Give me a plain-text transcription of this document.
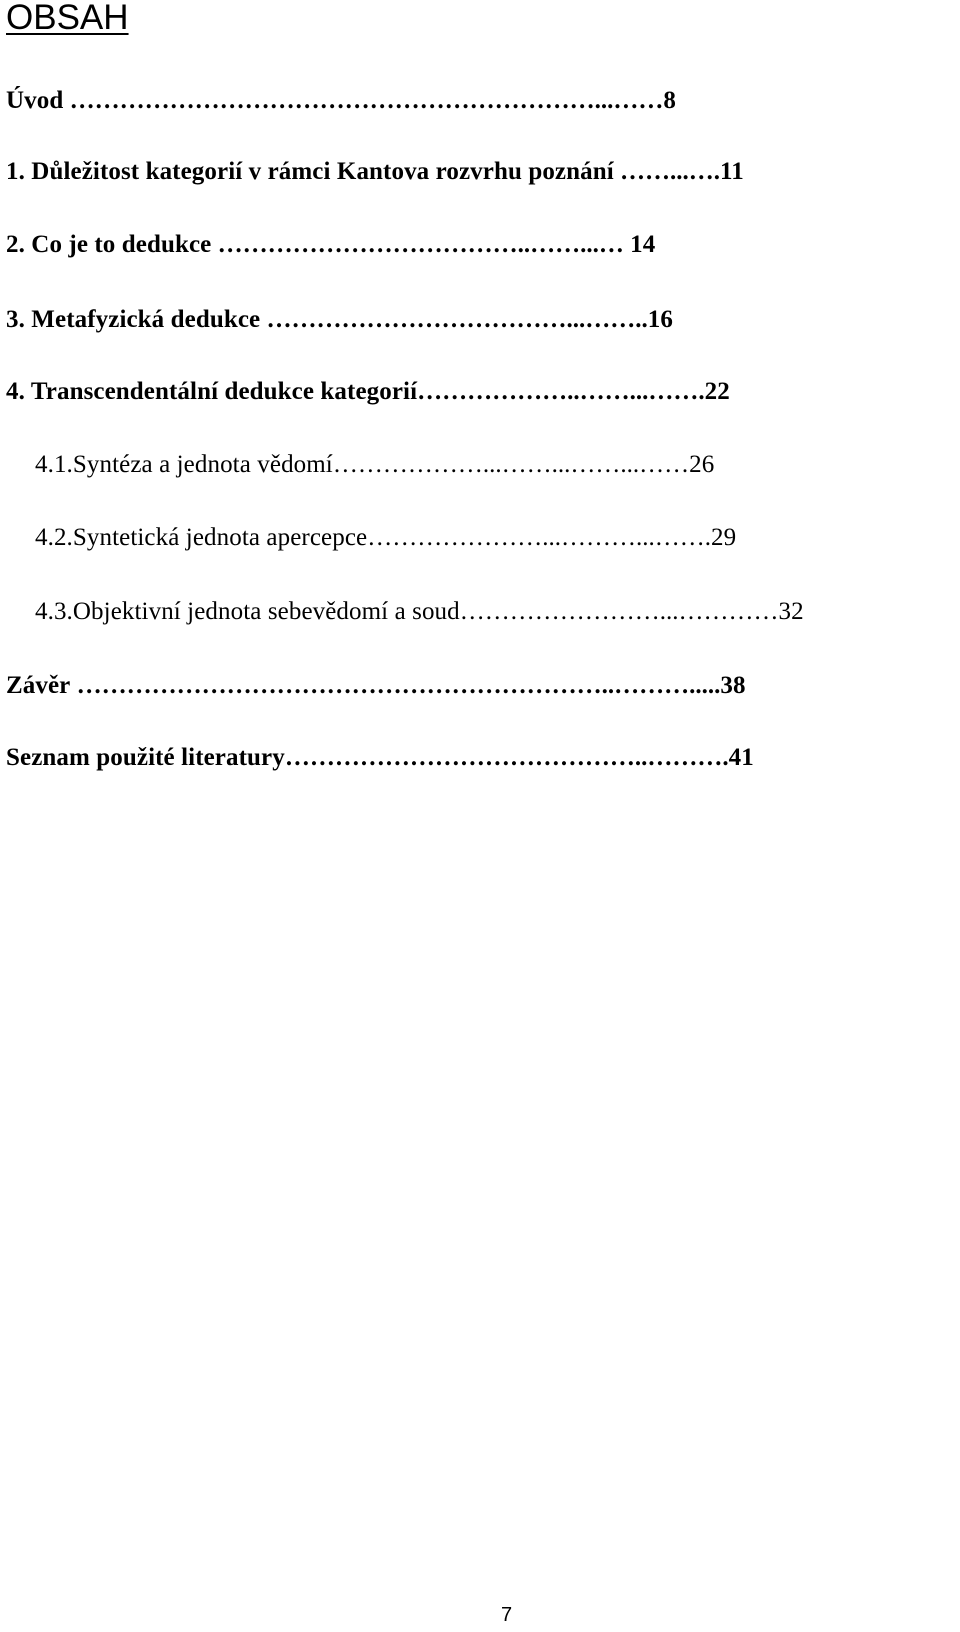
OBSAH
Úvod ………………………………………………………...……8
1. Důležitost kategorií v rámci Kantova rozvrhu poznání ……...….11
2. Co je to dedukce ………………………………..……...… 14
3. Metafyzická dedukce ………………………………...……..16
4. Transcendentální dedukce kategorií………………..……...…….22
4.1.Syntéza a jednota vědomí………………...……...……...……26
4.2.Syntetická jednota apercepce…………………...………...…….29
4.3.Objektivní jednota sebevědomí a soud……………………...…………32
Závěr ………………………………………………………..……….....38
Seznam použité literatury……………………………………..……….41
7
